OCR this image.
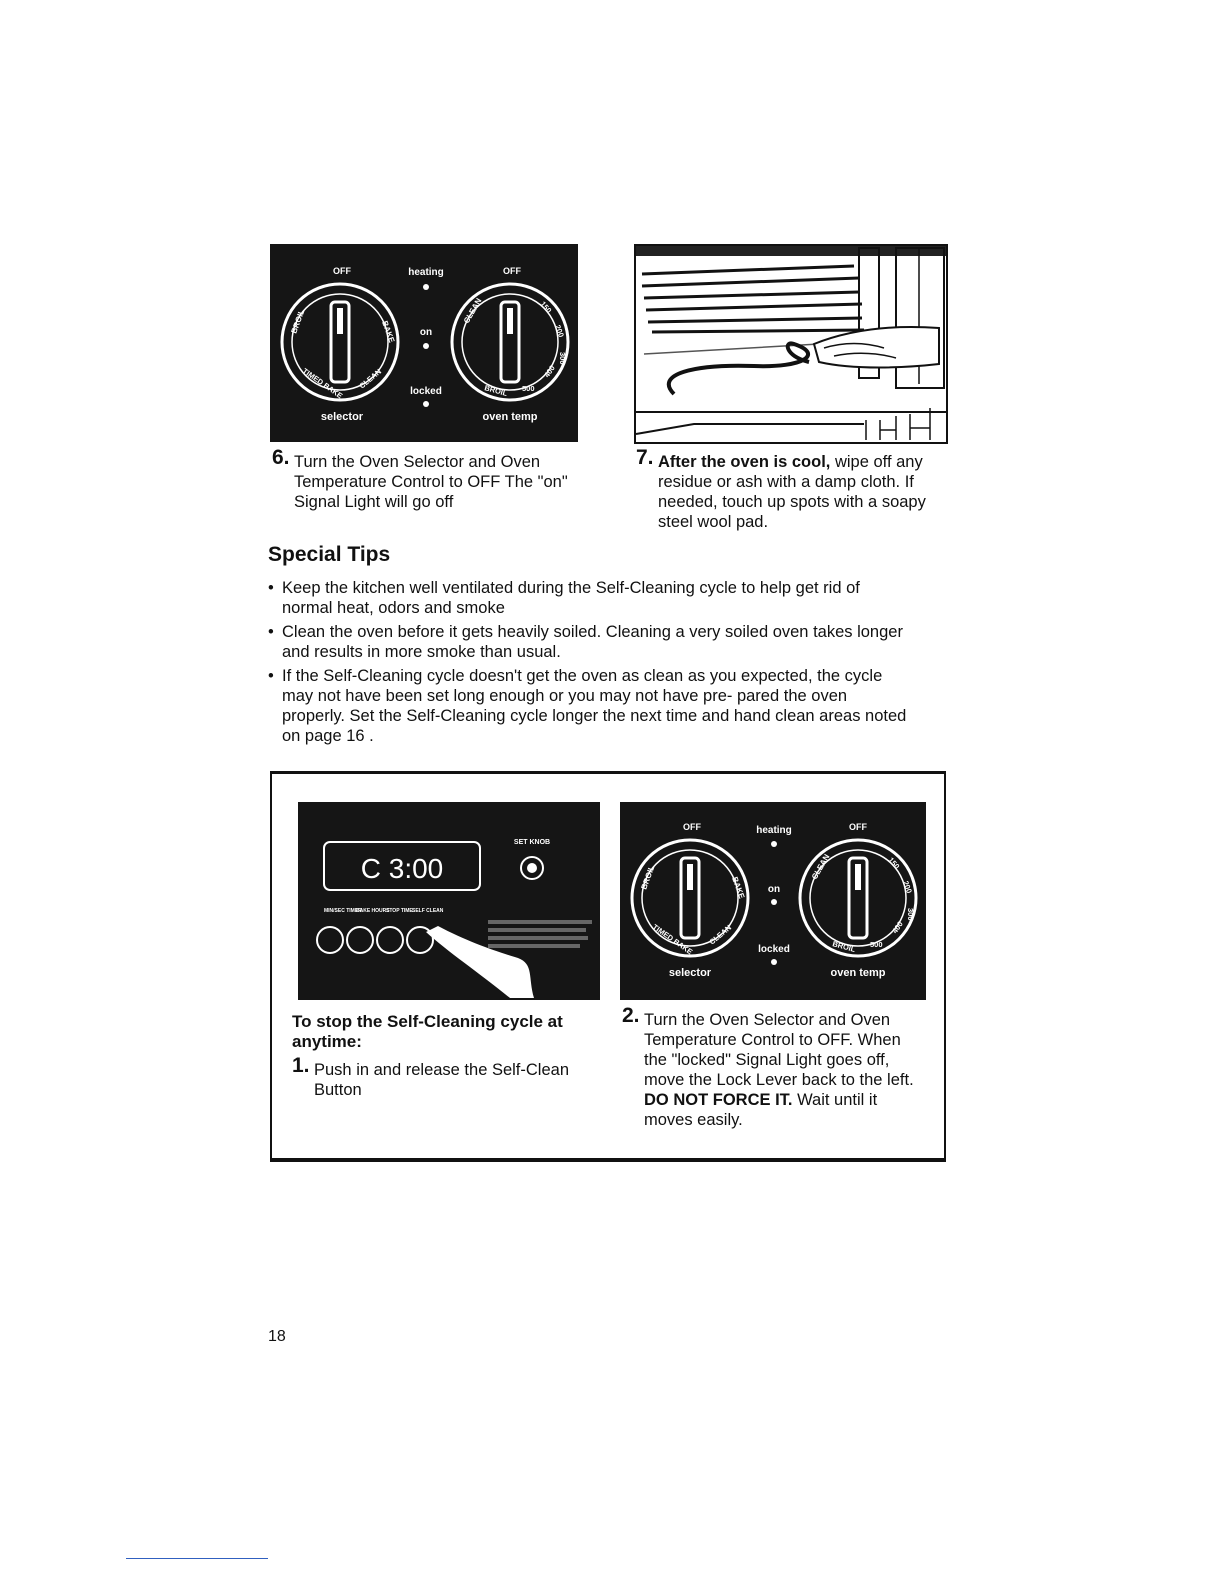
OFF	OFF
heating
on
locked
BROIL	BAKE
TIMED BAKE CLEAN
CLEAN	150
200
300
400
500
BROIL
selector	oven temp
6. Turn the Oven Selector and Oven Temperature Control to OFF The "on" Signal Light will go off
7. After the oven is cool, wipe off any residue or ash with a damp cloth. If needed, touch up spots with a soapy steel wool pad.
Special Tips
• Keep the kitchen well ventilated during the Self-Cleaning cycle to help get rid of normal heat, odors and smoke
• Clean the oven before it gets heavily soiled. Cleaning a very soiled oven takes longer and results in more smoke than usual.
• If the Self-Cleaning cycle doesn't get the oven as clean as you expected, the cycle may not have been set long enough or you may not have pre- pared the oven properly. Set the Self-Cleaning cycle longer the next time and hand clean areas noted on page 16 .
C 3:00
SET KNOB
MIN/SEC TIMER
BAKE HOURS
STOP TIME SELF CLEAN
OFF	OFF
heating
on
locked
BROIL	BAKE
TIMED BAKE CLEAN
CLEAN	150
200
300
400
500
BROIL
selector	oven temp
To stop the Self-Cleaning cycle at anytime:
1. Push in and release the Self-Clean Button
2. Turn the Oven Selector and Oven Temperature Control to OFF. When the "locked" Signal Light goes off, move the Lock Lever back to the left. DO NOT FORCE IT. Wait until it moves easily.
18
